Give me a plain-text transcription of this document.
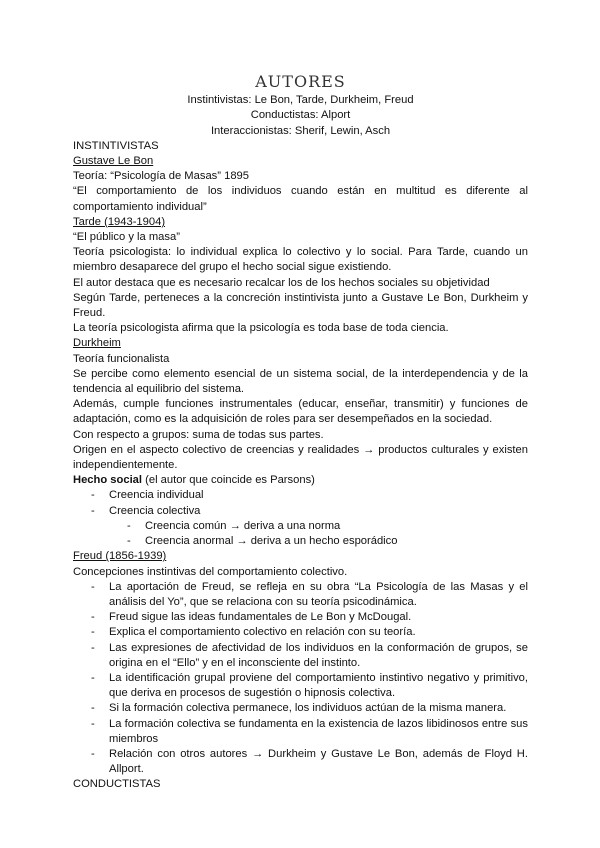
AUTORES
Instintivistas: Le Bon, Tarde, Durkheim, Freud
Conductistas: Alport
Interaccionistas: Sherif, Lewin, Asch
INSTINTIVISTAS
Gustave Le Bon
Teoría: “Psicología de Masas” 1895
“El comportamiento de los individuos cuando están en multitud es diferente al comportamiento individual”
Tarde (1943-1904)
“El público y la masa”
Teoría psicologista: lo individual explica lo colectivo y lo social. Para Tarde, cuando un miembro desaparece del grupo el hecho social sigue existiendo.
El autor destaca que es necesario recalcar los de los hechos sociales su objetividad
Según Tarde, perteneces a la concreción instintivista junto a Gustave Le Bon, Durkheim y Freud.
La teoría psicologista afirma que la psicología es toda base de toda ciencia.
Durkheim
Teoría funcionalista
Se percibe como elemento esencial de un sistema social, de la interdependencia y de la tendencia al equilibrio del sistema.
Además, cumple funciones instrumentales (educar, enseñar, transmitir) y funciones de adaptación, como es la adquisición de roles para ser desempeñados en la sociedad.
Con respecto a grupos: suma de todas sus partes.
Origen en el aspecto colectivo de creencias y realidades → productos culturales y existen independientemente.
Hecho social (el autor que coincide es Parsons)
- Creencia individual
- Creencia colectiva
- Creencia común → deriva a una norma
- Creencia anormal → deriva a un hecho esporádico
Freud (1856-1939)
Concepciones instintivas del comportamiento colectivo.
- La aportación de Freud, se refleja en su obra “La Psicología de las Masas y el análisis del Yo”, que se relaciona con su teoría psicodinámica.
- Freud sigue las ideas fundamentales de Le Bon y McDougal.
- Explica el comportamiento colectivo en relación con su teoría.
- Las expresiones de afectividad de los individuos en la conformación de grupos, se origina en el “Ello” y en el inconsciente del instinto.
- La identificación grupal proviene del comportamiento instintivo negativo y primitivo, que deriva en procesos de sugestión o hipnosis colectiva.
- Si la formación colectiva permanece, los individuos actúan de la misma manera.
- La formación colectiva se fundamenta en la existencia de lazos libidinosos entre sus miembros
- Relación con otros autores → Durkheim y Gustave Le Bon, además de Floyd H. Allport.
CONDUCTISTAS
